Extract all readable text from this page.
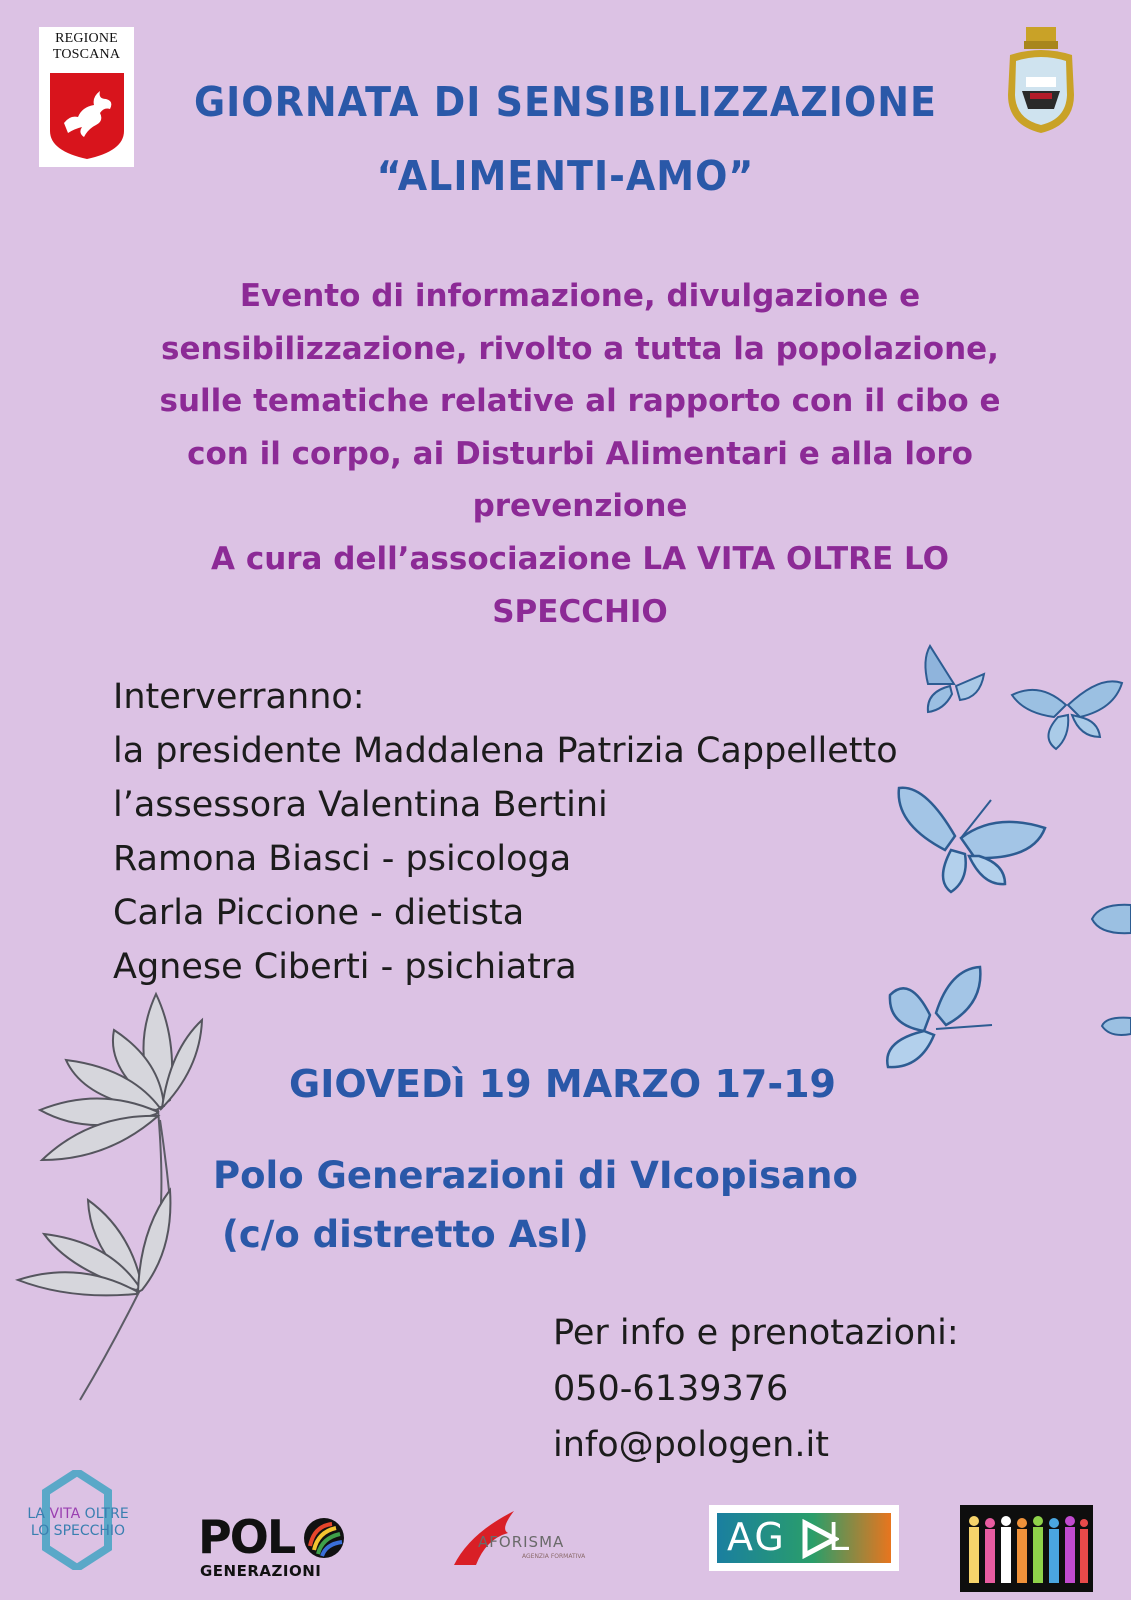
REGIONE
TOSCANA
GIORNATA DI SENSIBILIZZAZIONE
“ALIMENTI-AMO”
Evento di informazione, divulgazione e
sensibilizzazione, rivolto a tutta la popolazione,
sulle tematiche relative al rapporto con il cibo e
con il corpo, ai Disturbi Alimentari e alla loro
prevenzione
A cura dell’associazione LA VITA OLTRE LO
SPECCHIO
Interverranno:
la presidente Maddalena Patrizia Cappelletto
l’assessora Valentina Bertini
Ramona Biasci - psicologa
Carla Piccione - dietista
Agnese Ciberti - psichiatra
GIOVEDì 19 MARZO 17-19
Polo Generazioni di VIcopisano
(c/o distretto Asl)
Per info e prenotazioni:
050-6139376
info@pologen.it
LA VITA OLTRE
LO SPECCHIO POL
GENERAZIONI
AFORISMA
AGENZIA FORMATIVA	AG   L
